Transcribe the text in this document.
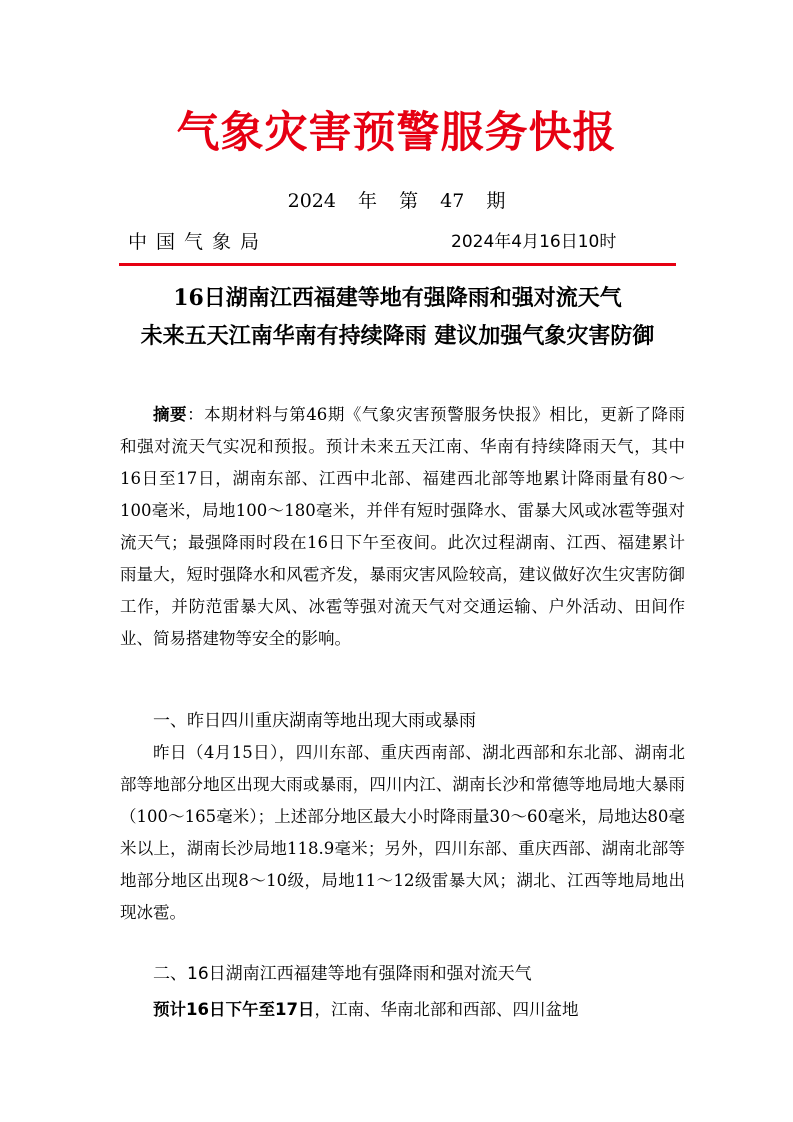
气象灾害预警服务快报
2024 年 第 47 期
中国气象局	2024年4月16日10时
16日湖南江西福建等地有强降雨和强对流天气
未来五天江南华南有持续降雨 建议加强气象灾害防御
摘要：本期材料与第46期《气象灾害预警服务快报》相比，更新了降雨和强对流天气实况和预报。预计未来五天江南、华南有持续降雨天气，其中16日至17日，湖南东部、江西中北部、福建西北部等地累计降雨量有80～100毫米，局地100～180毫米，并伴有短时强降水、雷暴大风或冰雹等强对流天气；最强降雨时段在16日下午至夜间。此次过程湖南、江西、福建累计雨量大，短时强降水和风雹齐发，暴雨灾害风险较高，建议做好次生灾害防御工作，并防范雷暴大风、冰雹等强对流天气对交通运输、户外活动、田间作业、简易搭建物等安全的影响。
一、昨日四川重庆湖南等地出现大雨或暴雨
昨日（4月15日），四川东部、重庆西南部、湖北西部和东北部、湖南北部等地部分地区出现大雨或暴雨，四川内江、湖南长沙和常德等地局地大暴雨（100～165毫米）；上述部分地区最大小时降雨量30～60毫米，局地达80毫米以上，湖南长沙局地118.9毫米；另外，四川东部、重庆西部、湖南北部等地部分地区出现8～10级，局地11～12级雷暴大风；湖北、江西等地局地出现冰雹。
二、16日湖南江西福建等地有强降雨和强对流天气
预计16日下午至17日，江南、华南北部和西部、四川盆地
